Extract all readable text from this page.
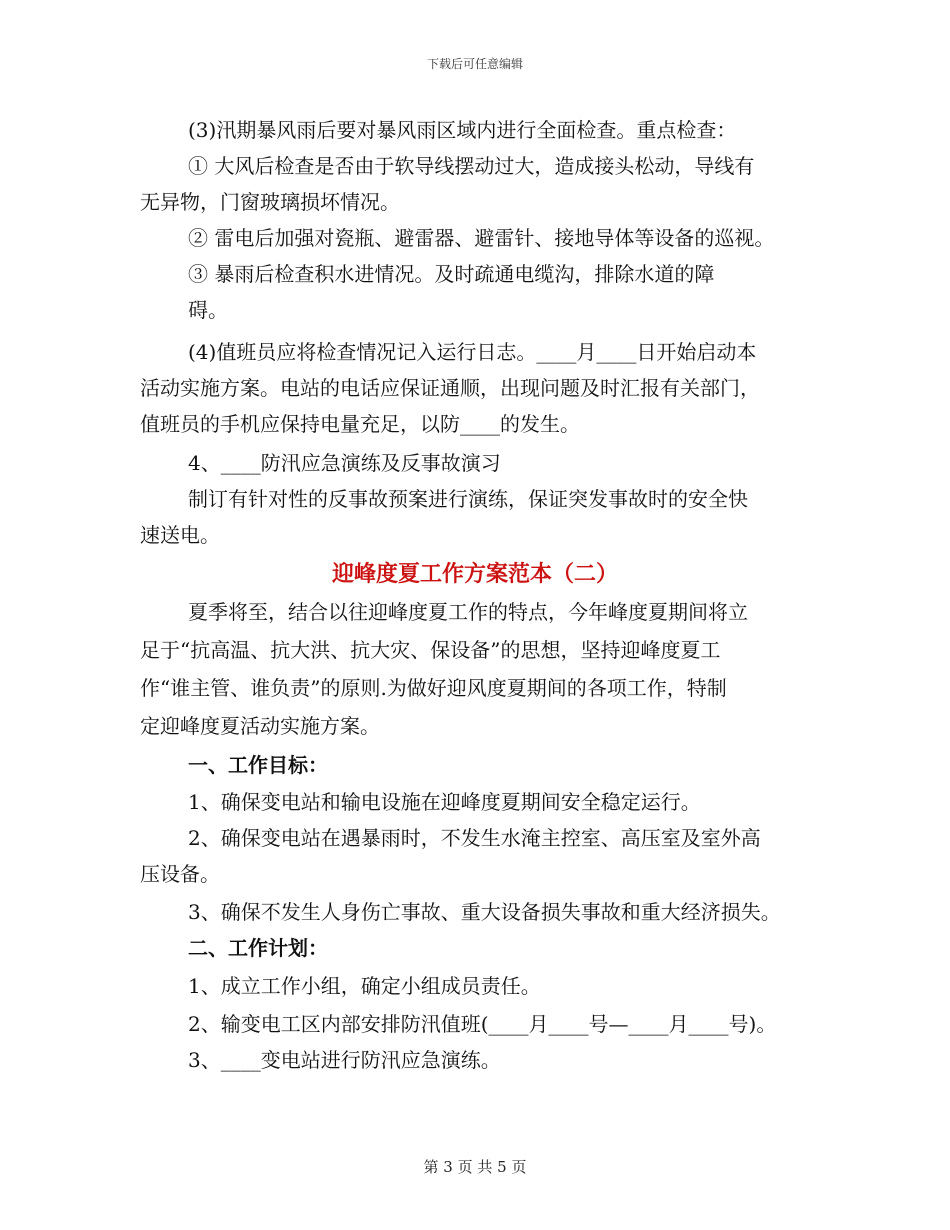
下载后可任意编辑
(3)汛期暴风雨后要对暴风雨区域内进行全面检查。重点检查：
① 大风后检查是否由于软导线摆动过大，造成接头松动，导线有
无异物，门窗玻璃损坏情况。
② 雷电后加强对瓷瓶、避雷器、避雷针、接地导体等设备的巡视。
③ 暴雨后检查积水进情况。及时疏通电缆沟，排除水道的障
碍。
(4)值班员应将检查情况记入运行日志。____月____日开始启动本
活动实施方案。电站的电话应保证通顺，出现问题及时汇报有关部门，
值班员的手机应保持电量充足，以防____的发生。
4、____防汛应急演练及反事故演习
制订有针对性的反事故预案进行演练，保证突发事故时的安全快
速送电。
迎峰度夏工作方案范本（二）
夏季将至，结合以往迎峰度夏工作的特点，今年峰度夏期间将立
足于“抗高温、抗大洪、抗大灾、保设备”的思想，坚持迎峰度夏工
作“谁主管、谁负责”的原则.为做好迎风度夏期间的各项工作，特制
定迎峰度夏活动实施方案。
一、工作目标：
1、确保变电站和输电设施在迎峰度夏期间安全稳定运行。
2、确保变电站在遇暴雨时，不发生水淹主控室、高压室及室外高
压设备。
3、确保不发生人身伤亡事故、重大设备损失事故和重大经济损失。
二、工作计划：
1、成立工作小组，确定小组成员责任。
2、输变电工区内部安排防汛值班(____月____号—____月____号)。
3、____变电站进行防汛应急演练。
第 3 页 共 5 页
